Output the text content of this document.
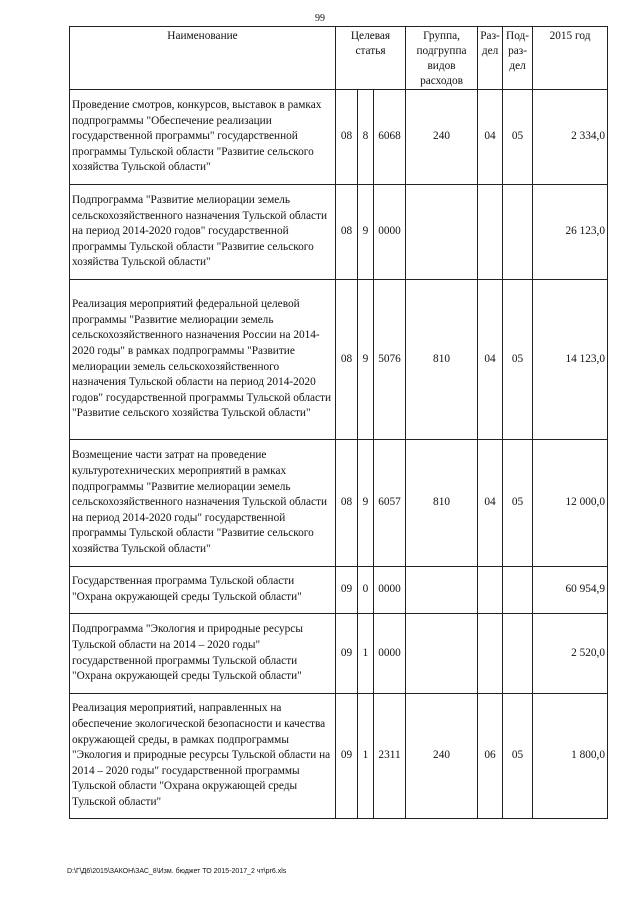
99
Наименование	Целевая статья			Группа, подгруппа видов расходов	Раз-дел	Под-раз-дел	2015 год
Проведение смотров, конкурсов, выставок в рамках подпрограммы "Обеспечение реализации государственной программы" государственной программы Тульской области "Развитие сельского хозяйства Тульской области"	08	8	6068	240	04	05	2 334,0
Подпрограмма "Развитие мелиорации земель сельскохозяйственного назначения Тульской области на период 2014-2020 годов" государственной программы Тульской области "Развитие сельского хозяйства Тульской области"	08	9	0000				26 123,0
Реализация мероприятий федеральной целевой программы "Развитие мелиорации земель сельскохозяйственного назначения России на 2014-2020 годы" в рамках подпрограммы "Развитие мелиорации земель сельскохозяйственного назначения Тульской области на период 2014-2020 годов" государственной программы Тульской области "Развитие сельского хозяйства Тульской области"	08	9	5076	810	04	05	14 123,0
Возмещение части затрат на проведение культуротехнических мероприятий в рамках подпрограммы "Развитие мелиорации земель сельскохозяйственного назначения Тульской области на период 2014-2020 годы" государственной программы Тульской области "Развитие сельского хозяйства Тульской области"	08	9	6057	810	04	05	12 000,0
Государственная программа Тульской области "Охрана окружающей среды Тульской области"	09	0	0000				60 954,9
Подпрограмма "Экология и природные ресурсы Тульской области на 2014 – 2020 годы" государственной программы Тульской области "Охрана окружающей среды Тульской области"	09	1	0000				2 520,0
Реализация мероприятий, направленных на обеспечение экологической безопасности и качества окружающей среды, в рамках подпрограммы "Экология и природные ресурсы Тульской области на 2014 – 2020 годы" государственной программы Тульской области "Охрана окружающей среды Тульской области"	09	1	2311	240	06	05	1 800,0
D:\Г\Д6\2015\ЗАКОН\ЗАС_8\Изм. бюджет ТО 2015-2017_2 чт\pr6.xls
